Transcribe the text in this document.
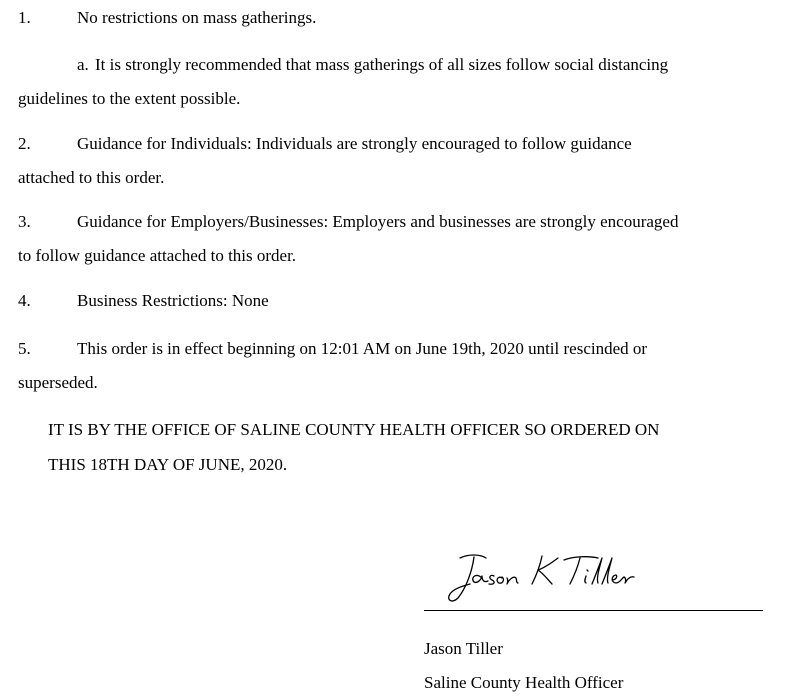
1.	No restrictions on mass gatherings.
a. It is strongly recommended that mass gatherings of all sizes follow social distancing
guidelines to the extent possible.
2.	Guidance for Individuals: Individuals are strongly encouraged to follow guidance
attached to this order.
3.	Guidance for Employers/Businesses: Employers and businesses are strongly encouraged
to follow guidance attached to this order.
4.	Business Restrictions: None
5.	This order is in effect beginning on 12:01 AM on June 19th, 2020 until rescinded or
superseded.
IT IS BY THE OFFICE OF SALINE COUNTY HEALTH OFFICER SO ORDERED ON
THIS 18TH DAY OF JUNE, 2020.
Jason Tiller
Saline County Health Officer
